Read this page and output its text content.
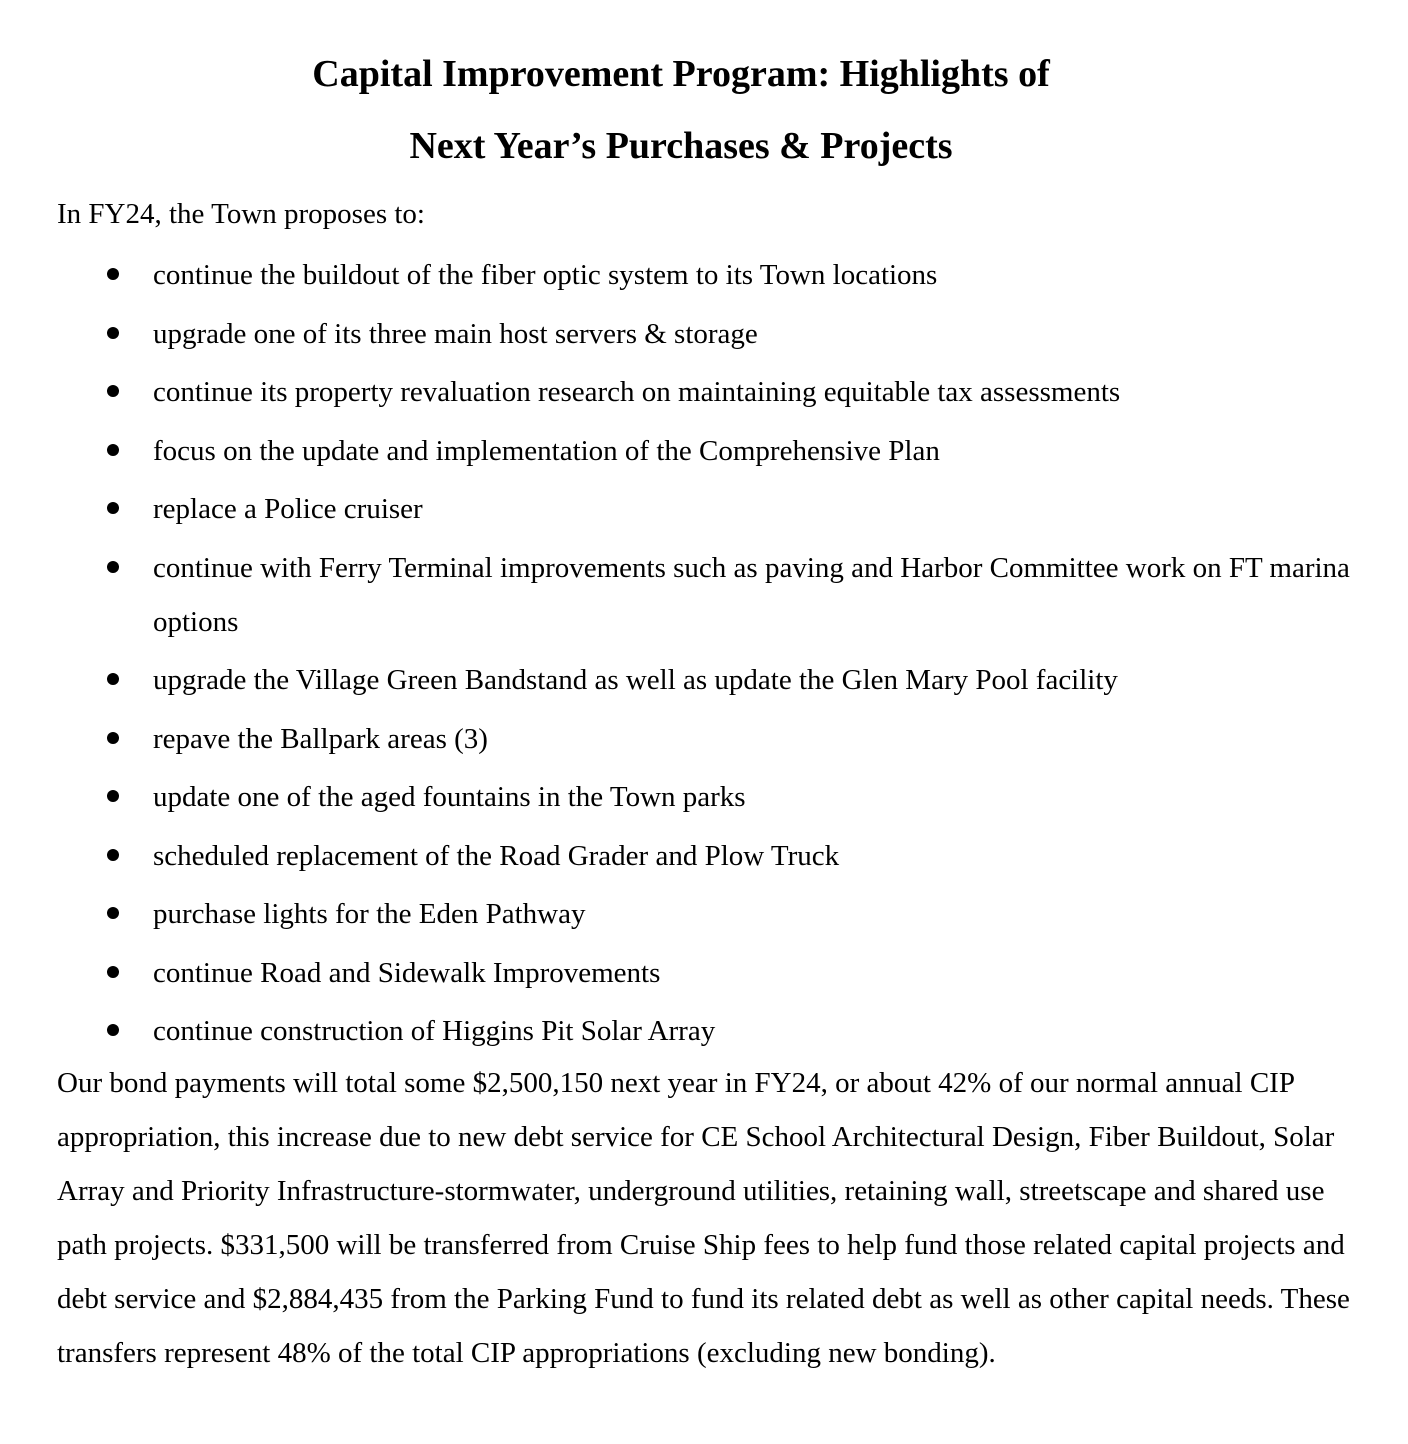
Capital Improvement Program: Highlights of
Next Year’s Purchases & Projects

In FY24, the Town proposes to:

continue the buildout of the fiber optic system to its Town locations
upgrade one of its three main host servers & storage
continue its property revaluation research on maintaining equitable tax assessments
focus on the update and implementation of the Comprehensive Plan
replace a Police cruiser
continue with Ferry Terminal improvements such as paving and Harbor Committee work on FT marina options
upgrade the Village Green Bandstand as well as update the Glen Mary Pool facility
repave the Ballpark areas (3)
update one of the aged fountains in the Town parks
scheduled replacement of the Road Grader and Plow Truck
purchase lights for the Eden Pathway
continue Road and Sidewalk Improvements
continue construction of Higgins Pit Solar Array

Our bond payments will total some $2,500,150 next year in FY24, or about 42% of our normal annual CIP appropriation, this increase due to new debt service for CE School Architectural Design, Fiber Buildout, Solar Array and Priority Infrastructure-stormwater, underground utilities, retaining wall, streetscape and shared use path projects. $331,500 will be transferred from Cruise Ship fees to help fund those related capital projects and debt service and $2,884,435 from the Parking Fund to fund its related debt as well as other capital needs. These transfers represent 48% of the total CIP appropriations (excluding new bonding).
